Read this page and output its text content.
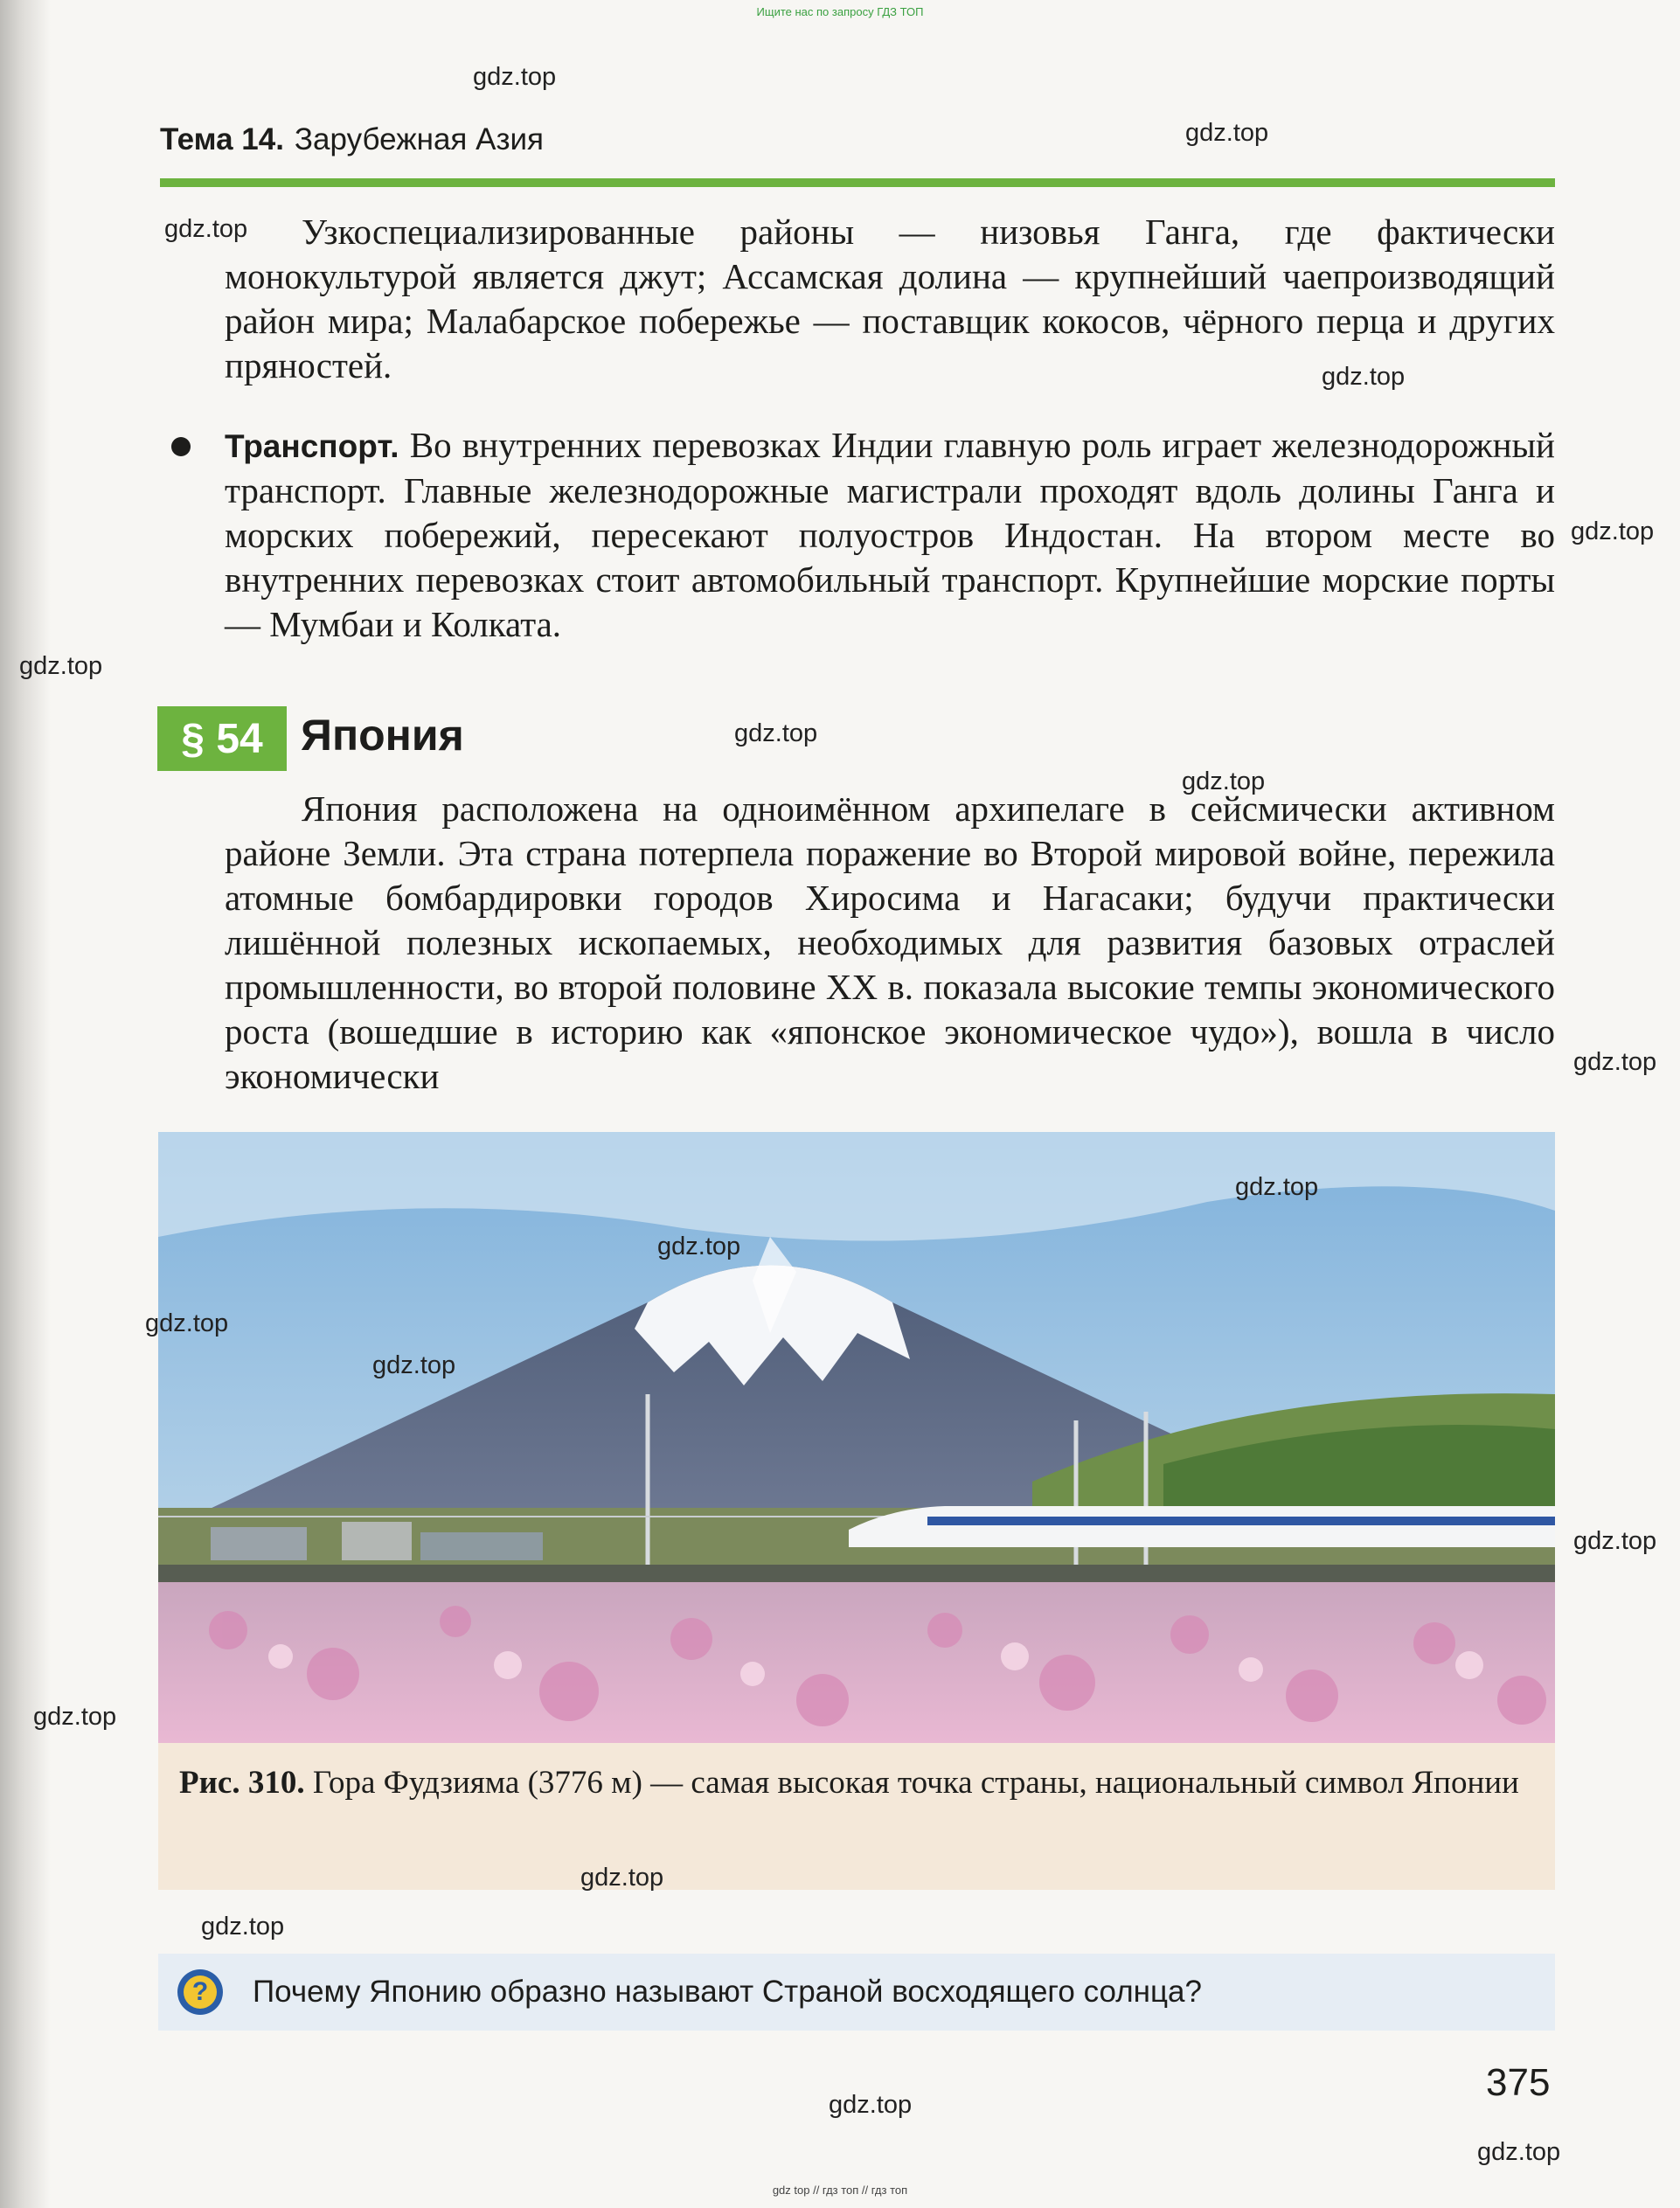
Ищите нас по запросу ГДЗ ТОП
Тема 14. Зарубежная Азия
Узкоспециализированные районы — низовья Ганга, где фактически монокультурой является джут; Ассамская долина — крупнейший чаепроизводящий район мира; Малабарское побережье — поставщик кокосов, чёрного перца и других пряностей.
Транспорт. Во внутренних перевозках Индии главную роль играет железнодорожный транспорт. Главные железнодорожные магистрали проходят вдоль долины Ганга и морских побережий, пересекают полуостров Индостан. На втором месте во внутренних перевозках стоит автомобильный транспорт. Крупнейшие морские порты — Мумбаи и Колката.
§ 54 Япония
Япония расположена на одноимённом архипелаге в сейсмически активном районе Земли. Эта страна потерпела поражение во Второй мировой войне, пережила атомные бомбардировки городов Хиросима и Нагасаки; будучи практически лишённой полезных ископаемых, необходимых для развития базовых отраслей промышленности, во второй половине XX в. показала высокие темпы экономического роста (вошедшие в историю как «японское экономическое чудо»), вошла в число экономически
Рис. 310. Гора Фудзияма (3776 м) — самая высокая точка страны, национальный символ Японии
? Почему Японию образно называют Страной восходящего солнца?
375
gdz.top
gdz.top
gdz.top
gdz.top
gdz.top
gdz.top
gdz.top
gdz.top
gdz.top
gdz.top
gdz.top
gdz.top
gdz.top
gdz.top
gdz.top
gdz.top
gdz.top
gdz.top
gdz.top
gdz top // гдз топ // гдз топ
